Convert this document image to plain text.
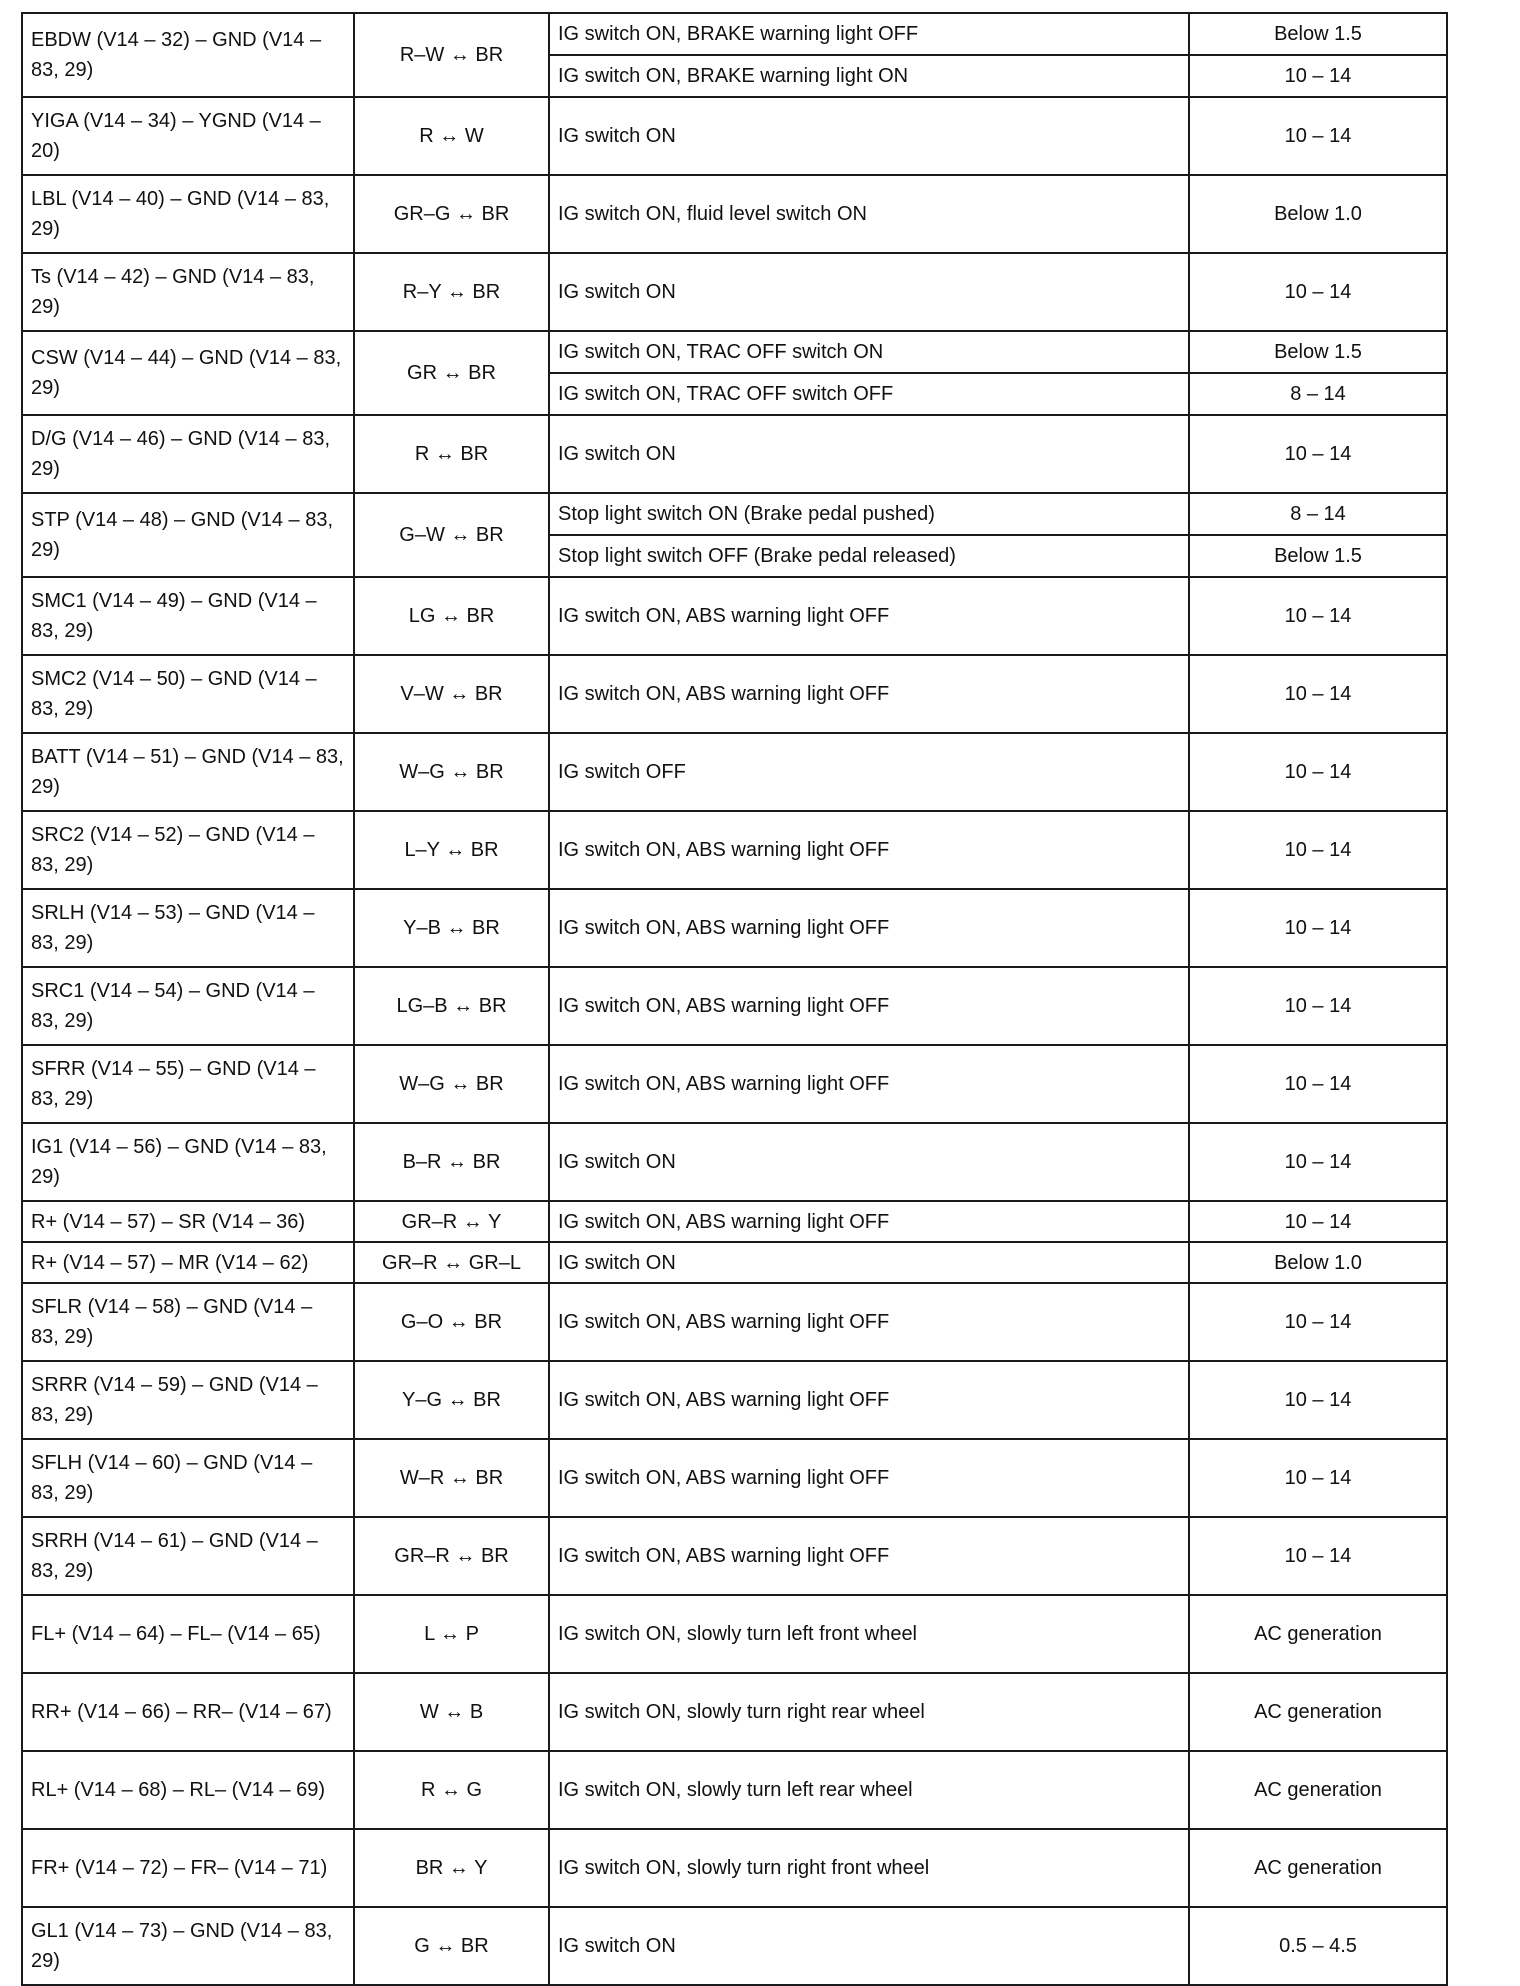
EBDW (V14 – 32) – GND (V14 – 83, 29)	R–W ↔ BR	IG switch ON, BRAKE warning light OFF	Below 1.5
		IG switch ON, BRAKE warning light ON	10 – 14
YIGA (V14 – 34) – YGND (V14 – 20)	R ↔ W	IG switch ON	10 – 14
LBL (V14 – 40) – GND (V14 – 83, 29)	GR–G ↔ BR	IG switch ON, fluid level switch ON	Below 1.0
Ts (V14 – 42) – GND (V14 – 83, 29)	R–Y ↔ BR	IG switch ON	10 – 14
CSW (V14 – 44) – GND (V14 – 83, 29)	GR ↔ BR	IG switch ON, TRAC OFF switch ON	Below 1.5
		IG switch ON, TRAC OFF switch OFF	8 – 14
D/G (V14 – 46) – GND (V14 – 83, 29)	R ↔ BR	IG switch ON	10 – 14
STP (V14 – 48) – GND (V14 – 83, 29)	G–W ↔ BR	Stop light switch ON (Brake pedal pushed)	8 – 14
		Stop light switch OFF (Brake pedal released)	Below 1.5
SMC1 (V14 – 49) – GND (V14 – 83, 29)	LG ↔ BR	IG switch ON, ABS warning light OFF	10 – 14
SMC2 (V14 – 50) – GND (V14 – 83, 29)	V–W ↔ BR	IG switch ON, ABS warning light OFF	10 – 14
BATT (V14 – 51) – GND (V14 – 83, 29)	W–G ↔ BR	IG switch OFF	10 – 14
SRC2 (V14 – 52) – GND (V14 – 83, 29)	L–Y ↔ BR	IG switch ON, ABS warning light OFF	10 – 14
SRLH (V14 – 53) – GND (V14 – 83, 29)	Y–B ↔ BR	IG switch ON, ABS warning light OFF	10 – 14
SRC1 (V14 – 54) – GND (V14 – 83, 29)	LG–B ↔ BR	IG switch ON, ABS warning light OFF	10 – 14
SFRR (V14 – 55) – GND (V14 – 83, 29)	W–G ↔ BR	IG switch ON, ABS warning light OFF	10 – 14
IG1 (V14 – 56) – GND (V14 – 83, 29)	B–R ↔ BR	IG switch ON	10 – 14
R+ (V14 – 57) – SR (V14 – 36)	GR–R ↔ Y	IG switch ON, ABS warning light OFF	10 – 14
R+ (V14 – 57) – MR (V14 – 62)	GR–R ↔ GR–L	IG switch ON	Below 1.0
SFLR (V14 – 58) – GND (V14 – 83, 29)	G–O ↔ BR	IG switch ON, ABS warning light OFF	10 – 14
SRRR (V14 – 59) – GND (V14 – 83, 29)	Y–G ↔ BR	IG switch ON, ABS warning light OFF	10 – 14
SFLH (V14 – 60) – GND (V14 – 83, 29)	W–R ↔ BR	IG switch ON, ABS warning light OFF	10 – 14
SRRH (V14 – 61) – GND (V14 – 83, 29)	GR–R ↔ BR	IG switch ON, ABS warning light OFF	10 – 14
FL+ (V14 – 64) – FL– (V14 – 65)	L ↔ P	IG switch ON, slowly turn left front wheel	AC generation
RR+ (V14 – 66) – RR– (V14 – 67)	W ↔ B	IG switch ON, slowly turn right rear wheel	AC generation
RL+ (V14 – 68) – RL– (V14 – 69)	R ↔ G	IG switch ON, slowly turn left rear wheel	AC generation
FR+ (V14 – 72) – FR– (V14 – 71)	BR ↔ Y	IG switch ON, slowly turn right front wheel	AC generation
GL1 (V14 – 73) – GND (V14 – 83, 29)	G ↔ BR	IG switch ON	0.5 – 4.5
